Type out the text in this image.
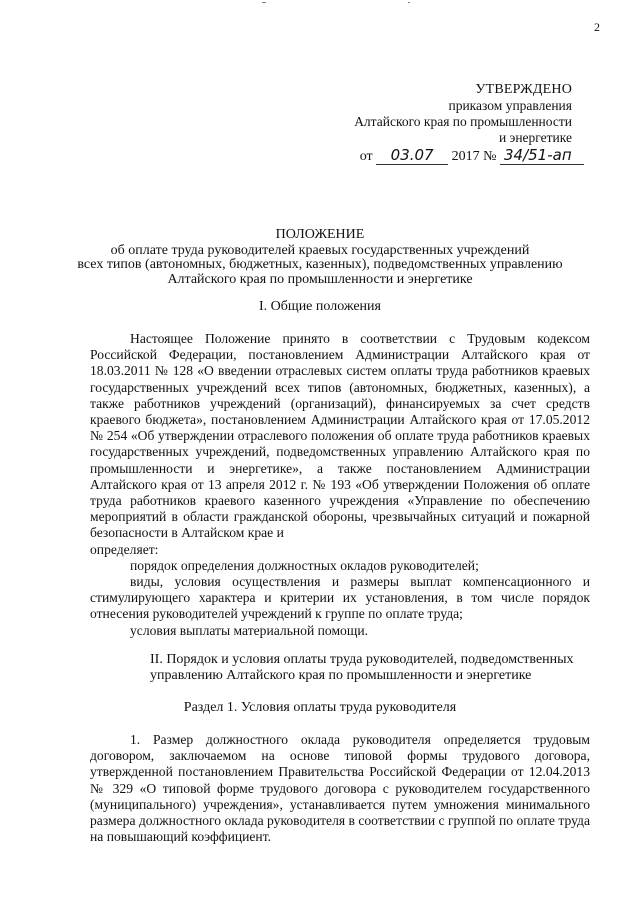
2
УТВЕРЖДЕНО
приказом управления
Алтайского края по промышленности
и энергетике
от 03.07 2017 № 34/51-ап
ПОЛОЖЕНИЕ
об оплате труда руководителей краевых государственных учреждений
всех типов (автономных, бюджетных, казенных), подведомственных управлению
Алтайского края по промышленности и энергетике
I. Общие положения

Настоящее Положение принято в соответствии с Трудовым кодексом Российской Федерации, постановлением Администрации Алтайского края от 18.03.2011 № 128 «О введении отраслевых систем оплаты труда работников краевых государственных учреждений всех типов (автономных, бюджетных, казенных), а также работников учреждений (организаций), финансируемых за счет средств краевого бюджета», постановлением Администрации Алтайского края от 17.05.2012 № 254 «Об утверждении отраслевого положения об оплате труда работников краевых государственных учреждений, подведомственных управлению Алтайского края по промышленности и энергетике», а также постановлением Администрации Алтайского края от 13 апреля 2012 г. № 193 «Об утверждении Положения об оплате труда работников краевого казенного учреждения «Управление по обеспечению мероприятий в области гражданской обороны, чрезвычайных ситуаций и пожарной безопасности в Алтайском крае и

определяет:

порядок определения должностных окладов руководителей;

виды, условия осуществления и размеры выплат компенсационного и стимулирующего характера и критерии их установления, в том числе порядок отнесения руководителей учреждений к группе по оплате труда;

условия выплаты материальной помощи.

II. Порядок и условия оплаты труда руководителей, подведомственных управлению Алтайского края по промышленности и энергетике
Раздел 1. Условия оплаты труда руководителя

1. Размер должностного оклада руководителя определяется трудовым договором, заключаемом на основе типовой формы трудового договора, утвержденной постановлением Правительства Российской Федерации от 12.04.2013 № 329 «О типовой форме трудового договора с руководителем государственного (муниципального) учреждения», устанавливается путем умножения минимального размера должностного оклада руководителя в соответствии с группой по оплате труда на повышающий коэффициент.
